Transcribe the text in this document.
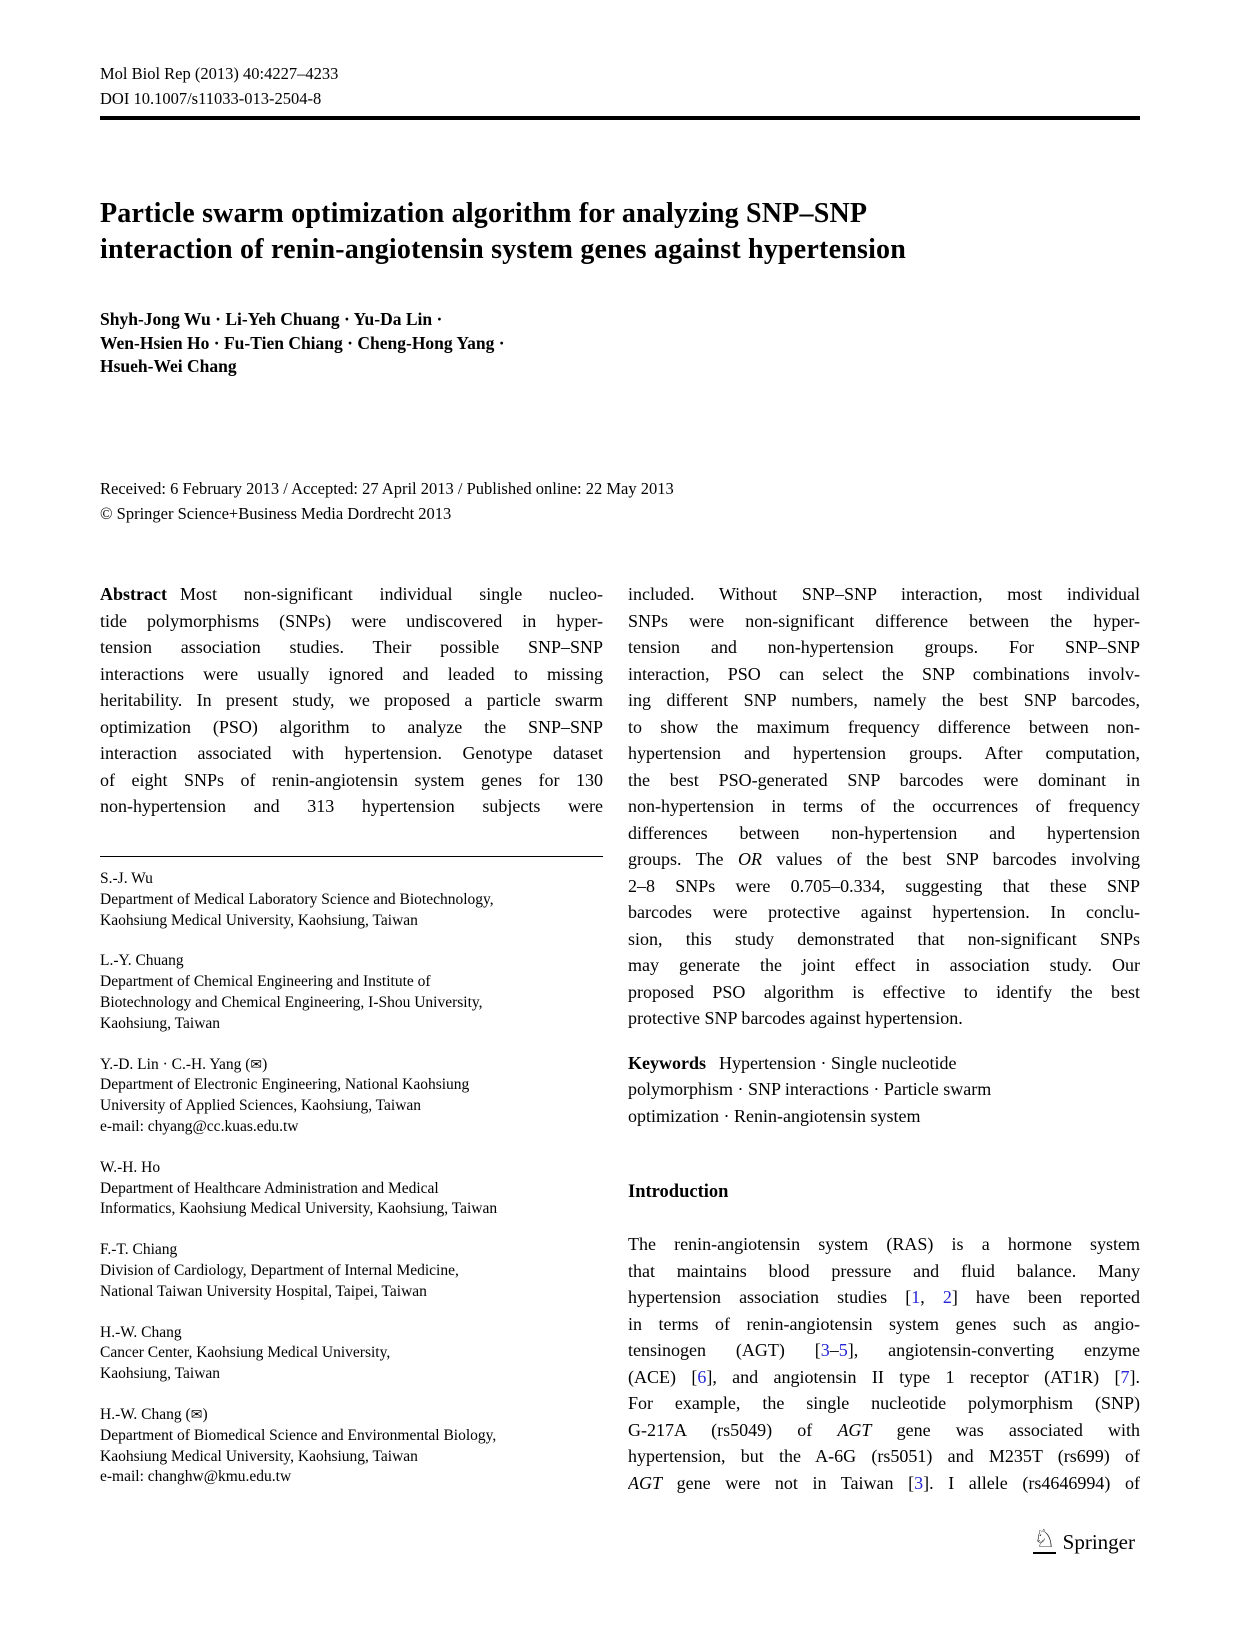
Mol Biol Rep (2013) 40:4227–4233
DOI 10.1007/s11033-013-2504-8
Particle swarm optimization algorithm for analyzing SNP–SNP
interaction of renin-angiotensin system genes against hypertension
Shyh-Jong Wu · Li-Yeh Chuang · Yu-Da Lin ·
Wen-Hsien Ho · Fu-Tien Chiang · Cheng-Hong Yang ·
Hsueh-Wei Chang
Received: 6 February 2013 / Accepted: 27 April 2013 / Published online: 22 May 2013
© Springer Science+Business Media Dordrecht 2013
Abstract Most non-significant individual single nucleo-
tide polymorphisms (SNPs) were undiscovered in hyper-
tension association studies. Their possible SNP–SNP
interactions were usually ignored and leaded to missing
heritability. In present study, we proposed a particle swarm
optimization (PSO) algorithm to analyze the SNP–SNP
interaction associated with hypertension. Genotype dataset
of eight SNPs of renin-angiotensin system genes for 130
non-hypertension and 313 hypertension subjects were
S.-J. Wu
Department of Medical Laboratory Science and Biotechnology,
Kaohsiung Medical University, Kaohsiung, Taiwan
L.-Y. Chuang
Department of Chemical Engineering and Institute of
Biotechnology and Chemical Engineering, I-Shou University,
Kaohsiung, Taiwan
Y.-D. Lin · C.-H. Yang (✉)
Department of Electronic Engineering, National Kaohsiung
University of Applied Sciences, Kaohsiung, Taiwan
e-mail: chyang@cc.kuas.edu.tw
W.-H. Ho
Department of Healthcare Administration and Medical
Informatics, Kaohsiung Medical University, Kaohsiung, Taiwan
F.-T. Chiang
Division of Cardiology, Department of Internal Medicine,
National Taiwan University Hospital, Taipei, Taiwan
H.-W. Chang
Cancer Center, Kaohsiung Medical University,
Kaohsiung, Taiwan
H.-W. Chang (✉)
Department of Biomedical Science and Environmental Biology,
Kaohsiung Medical University, Kaohsiung, Taiwan
e-mail: changhw@kmu.edu.tw
included. Without SNP–SNP interaction, most individual
SNPs were non-significant difference between the hyper-
tension and non-hypertension groups. For SNP–SNP
interaction, PSO can select the SNP combinations involv-
ing different SNP numbers, namely the best SNP barcodes,
to show the maximum frequency difference between non-
hypertension and hypertension groups. After computation,
the best PSO-generated SNP barcodes were dominant in
non-hypertension in terms of the occurrences of frequency
differences between non-hypertension and hypertension
groups. The OR values of the best SNP barcodes involving
2–8 SNPs were 0.705–0.334, suggesting that these SNP
barcodes were protective against hypertension. In conclu-
sion, this study demonstrated that non-significant SNPs
may generate the joint effect in association study. Our
proposed PSO algorithm is effective to identify the best
protective SNP barcodes against hypertension.
Keywords Hypertension · Single nucleotide
polymorphism · SNP interactions · Particle swarm
optimization · Renin-angiotensin system
Introduction
The renin-angiotensin system (RAS) is a hormone system
that maintains blood pressure and fluid balance. Many
hypertension association studies [1, 2] have been reported
in terms of renin-angiotensin system genes such as angio-
tensinogen (AGT) [3–5], angiotensin-converting enzyme
(ACE) [6], and angiotensin II type 1 receptor (AT1R) [7].
For example, the single nucleotide polymorphism (SNP)
G-217A (rs5049) of AGT gene was associated with
hypertension, but the A-6G (rs5051) and M235T (rs699) of
AGT gene were not in Taiwan [3]. I allele (rs4646994) of
♘ Springer
